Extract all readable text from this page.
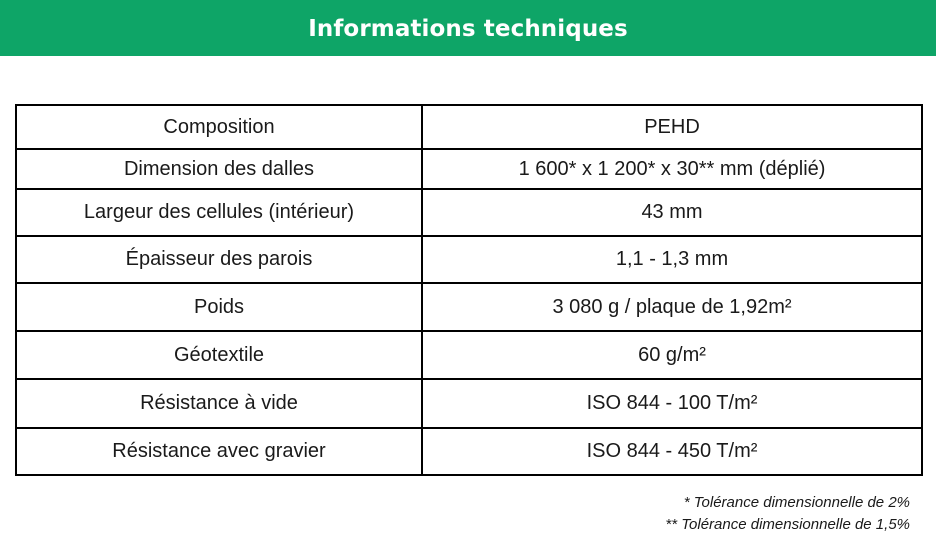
Informations techniques
Composition	PEHD
Dimension des dalles	1 600* x 1 200* x 30** mm (déplié)
Largeur des cellules (intérieur)	43 mm
Épaisseur des parois	1,1 - 1,3 mm
Poids	3 080 g / plaque de 1,92m²
Géotextile	60 g/m²
Résistance à vide	ISO 844 - 100 T/m²
Résistance avec gravier	ISO 844 - 450 T/m²
* Tolérance dimensionnelle de 2%
** Tolérance dimensionnelle de 1,5%
